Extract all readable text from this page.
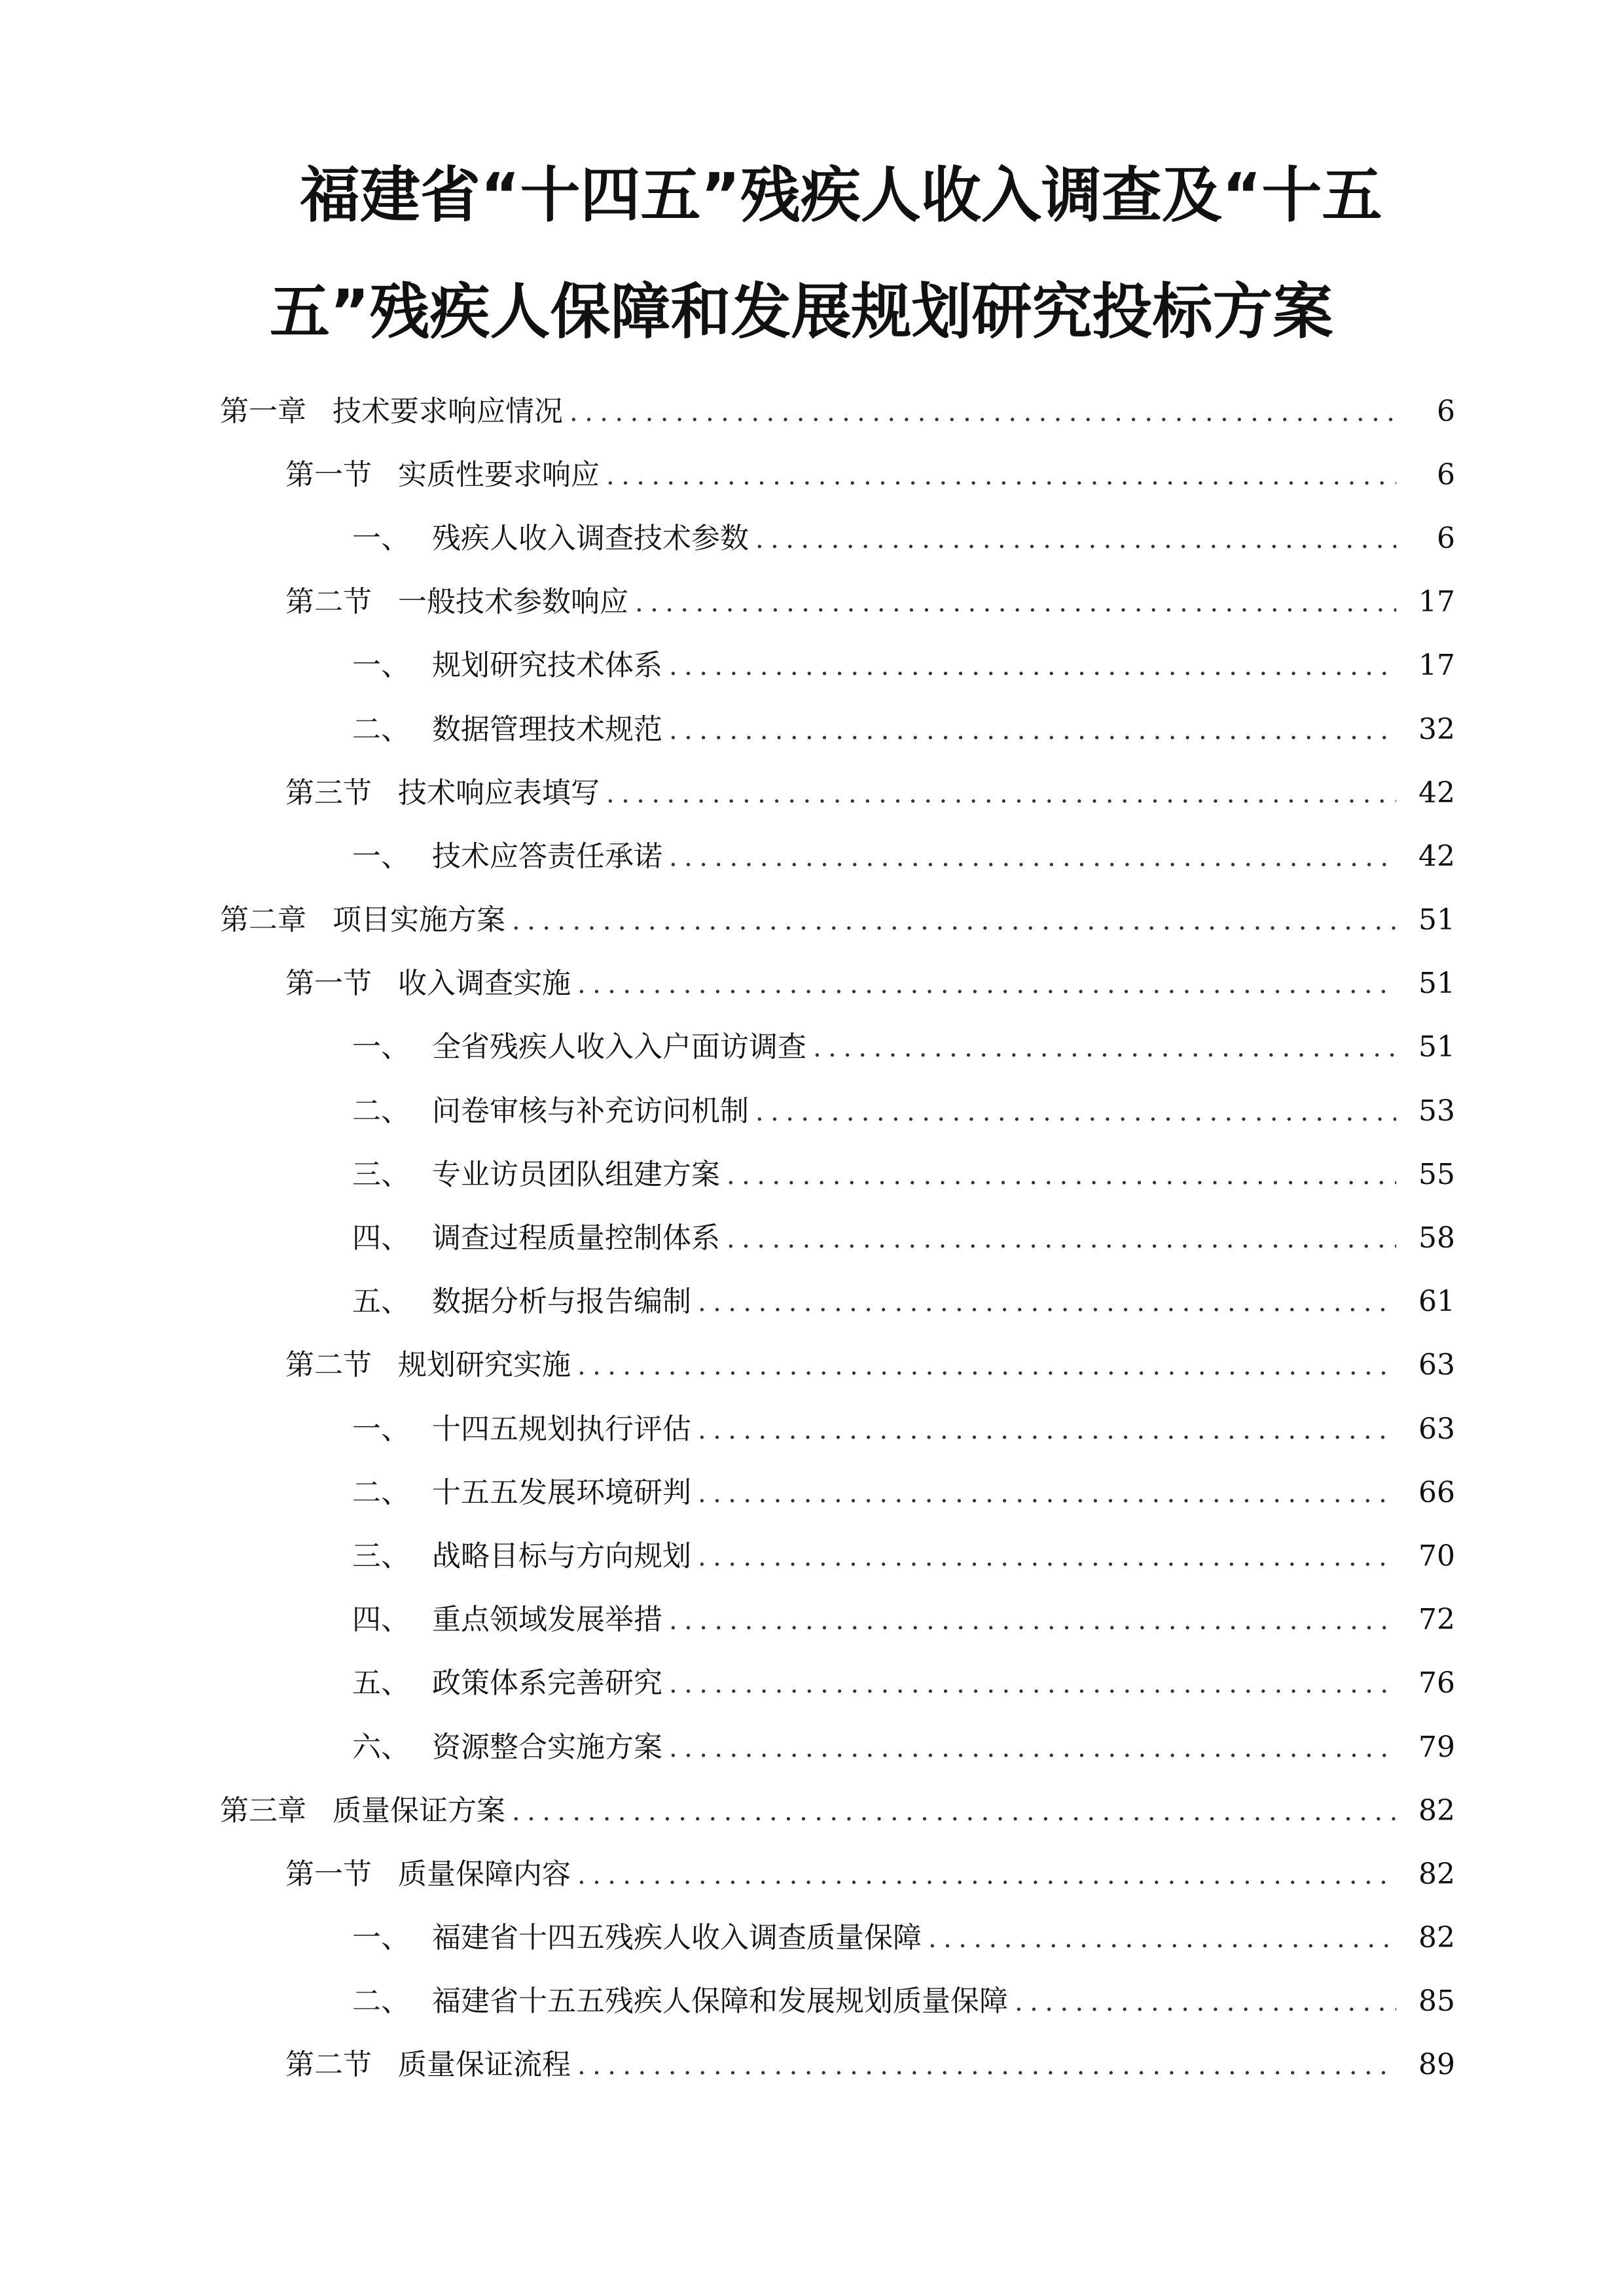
福建省“十四五”残疾人收入调查及“十五
五”残疾人保障和发展规划研究投标方案
第一章 技术要求响应情况 .....	6
第一节 实质性要求响应 .....	6
一、 残疾人收入调查技术参数 .....	6
第二节 一般技术参数响应 .....	17
一、 规划研究技术体系 .....	17
二、 数据管理技术规范 .....	32
第三节 技术响应表填写 .....	42
一、 技术应答责任承诺 .....	42
第二章 项目实施方案 .....	51
第一节 收入调查实施 .....	51
一、 全省残疾人收入入户面访调查 .....	51
二、 问卷审核与补充访问机制 .....	53
三、 专业访员团队组建方案 .....	55
四、 调查过程质量控制体系 .....	58
五、 数据分析与报告编制 .....	61
第二节 规划研究实施 .....	63
一、 十四五规划执行评估 .....	63
二、 十五五发展环境研判 .....	66
三、 战略目标与方向规划 .....	70
四、 重点领域发展举措 .....	72
五、 政策体系完善研究 .....	76
六、 资源整合实施方案 .....	79
第三章 质量保证方案 .....	82
第一节 质量保障内容 .....	82
一、 福建省十四五残疾人收入调查质量保障 .....	82
二、 福建省十五五残疾人保障和发展规划质量保障 .....	85
第二节 质量保证流程 .....	89
